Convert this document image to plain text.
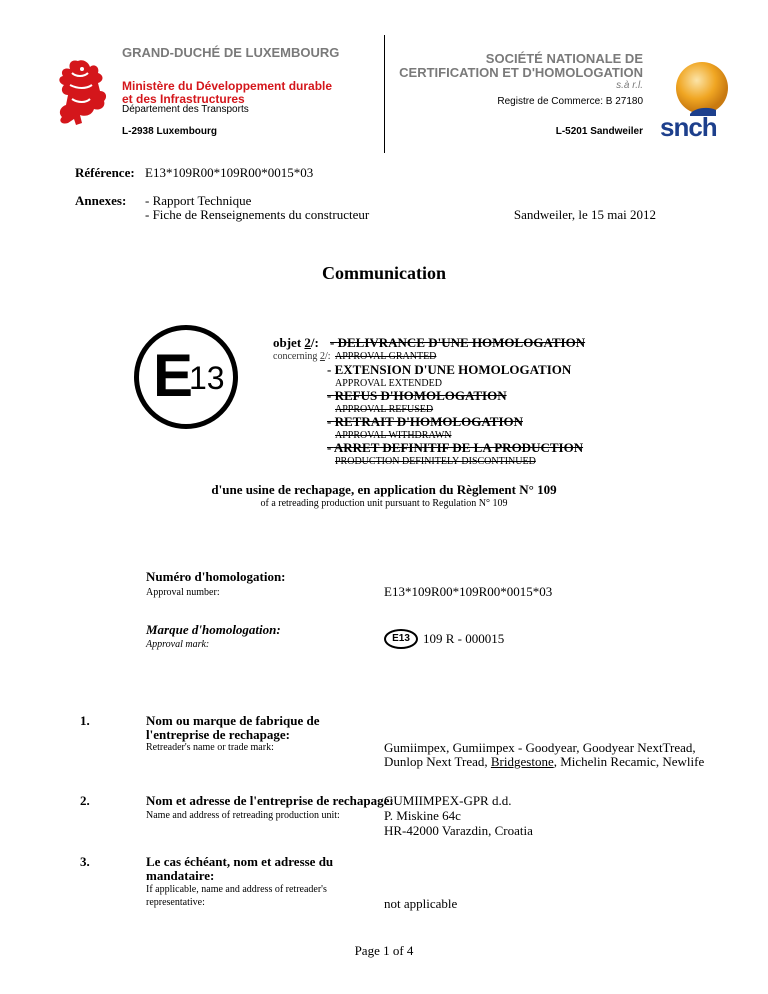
GRAND-DUCHÉ DE LUXEMBOURG
Ministère du Développement durable
et des Infrastructures
Département des Transports
L-2938 Luxembourg
SOCIÉTÉ NATIONALE DE
CERTIFICATION ET D'HOMOLOGATION
s.à r.l.
Registre de Commerce: B 27180
L-5201 Sandweiler snch
Référence: E13*109R00*109R00*0015*03
Annexes: - Rapport Technique
- Fiche de Renseignements du constructeur	Sandweiler, le 15 mai 2012
Communication
E
13
objet 2/:
concerning 2/:
- DELIVRANCE D'UNE HOMOLOGATION
APPROVAL GRANTED
- EXTENSION D'UNE HOMOLOGATION
APPROVAL EXTENDED
- REFUS D'HOMOLOGATION
APPROVAL REFUSED
- RETRAIT D'HOMOLOGATION
APPROVAL WITHDRAWN
- ARRET DEFINITIF DE LA PRODUCTION
PRODUCTION DEFINITELY DISCONTINUED
d'une usine de rechapage, en application du Règlement N° 109
of a retreading production unit pursuant to Regulation N° 109
Numéro d'homologation:
Approval number:	E13*109R00*109R00*0015*03
Marque d'homologation:
Approval mark:
E13	109 R - 000015
1.	Nom ou marque de fabrique de
l'entreprise de rechapage:
Retreader's name or trade mark:	Gumiimpex, Gumiimpex - Goodyear, Goodyear NextTread,
Dunlop Next Tread, Bridgestone, Michelin Recamic, Newlife
2.	Nom et adresse de l'entreprise de rechapage:
Name and address of retreading production unit:
GUMIIMPEX-GPR d.d.
P. Miskine 64c
HR-42000 Varazdin, Croatia
3.	Le cas échéant, nom et adresse du
mandataire:
If applicable, name and address of retreader's
representative:	not applicable
Page 1 of 4
